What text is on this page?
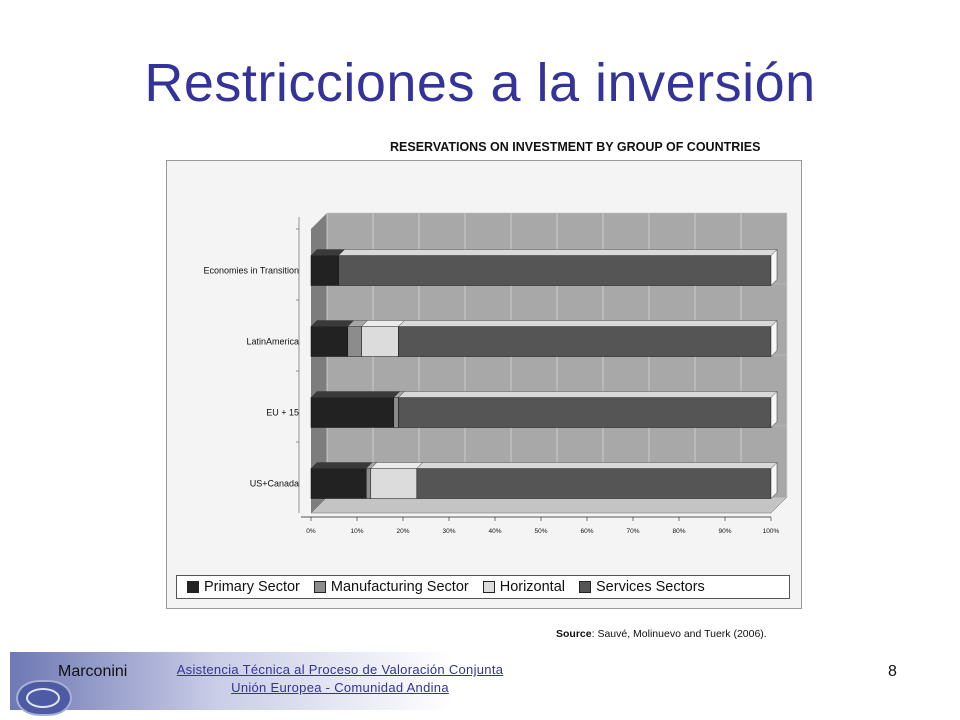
Restricciones a la inversión
RESERVATIONS ON INVESTMENT BY GROUP OF COUNTRIES
0%	10%	20%	30%	40%	50%	60%	70%	80%	90%	100%
Economies in Transition
LatinAmerica
EU + 15
US+Canada
Primary Sector Manufacturing Sector Horizontal Services Sectors
Source: Sauvé, Molinuevo and Tuerk (2006).
Marconini	Asistencia Técnica al Proceso de Valoración Conjunta
Unión Europea - Comunidad Andina
8
